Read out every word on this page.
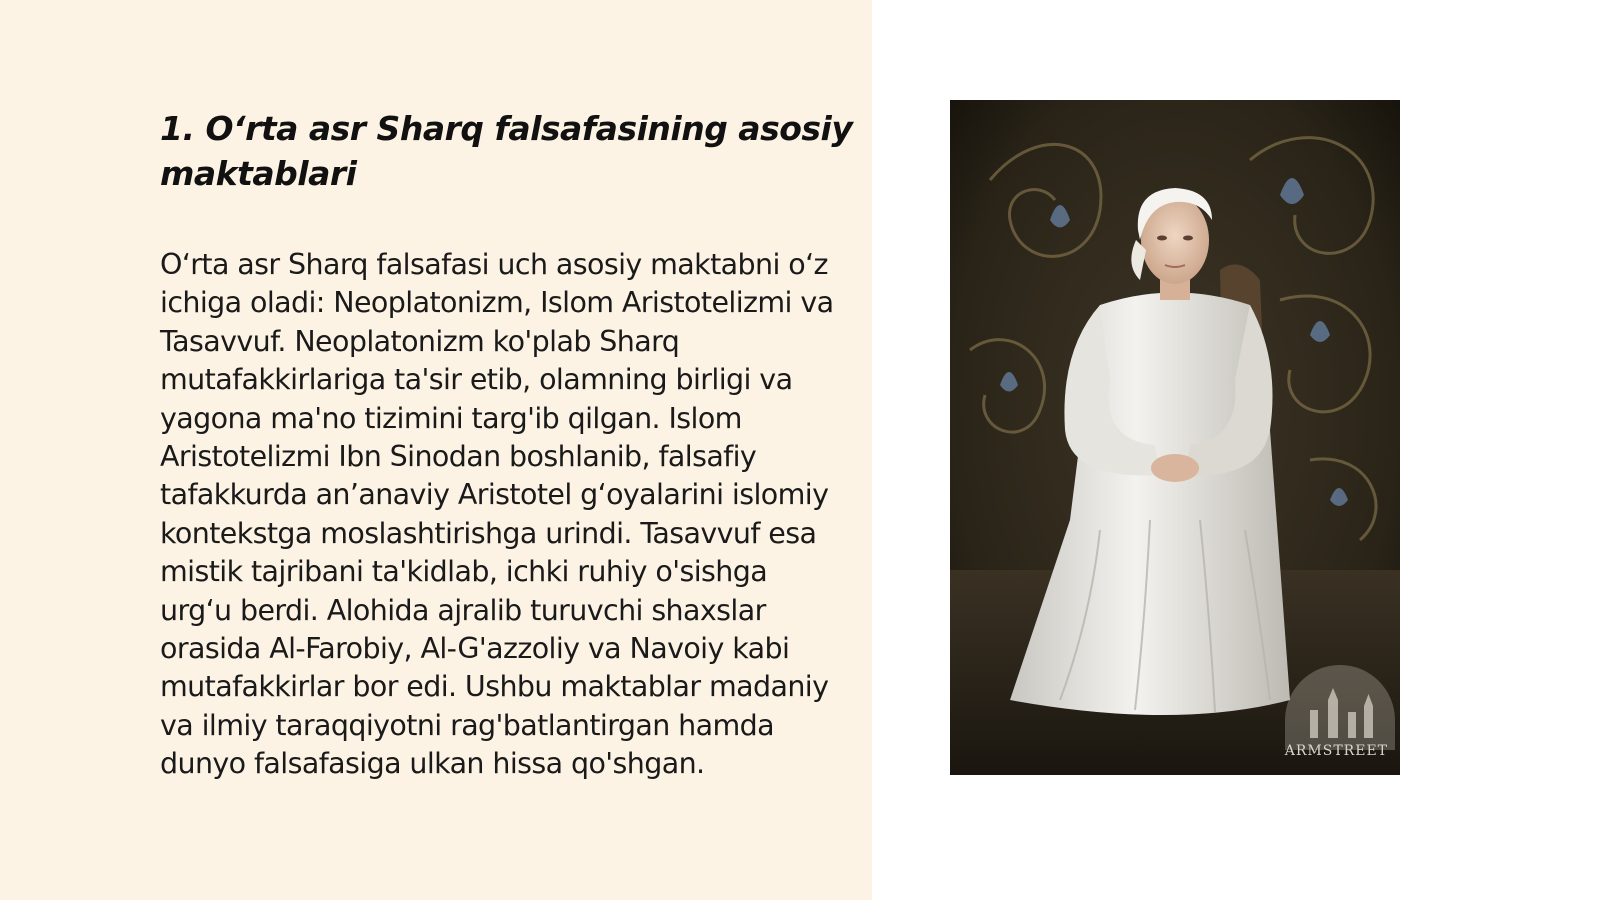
1. O‘rta asr Sharq falsafasining asosiy maktablari

O‘rta asr Sharq falsafasi uch asosiy maktabni o‘z ichiga oladi: Neoplatonizm, Islom Aristotelizmi va Tasavvuf. Neoplatonizm ko'plab Sharq mutafakkirlariga ta'sir etib, olamning birligi va yagona ma'no tizimini targ'ib qilgan. Islom Aristotelizmi Ibn Sinodan boshlanib, falsafiy tafakkurda an’anaviy Aristotel g‘oyalarini islomiy kontekstga moslashtirishga urindi. Tasavvuf esa mistik tajribani ta'kidlab, ichki ruhiy o'sishga urg‘u berdi. Alohida ajralib turuvchi shaxslar orasida Al-Farobiy, Al-G'azzoliy va Navoiy kabi mutafakkirlar bor edi. Ushbu maktablar madaniy va ilmiy taraqqiyotni rag'batlantirgan hamda dunyo falsafasiga ulkan hissa qo'shgan.	ARMSTREET
